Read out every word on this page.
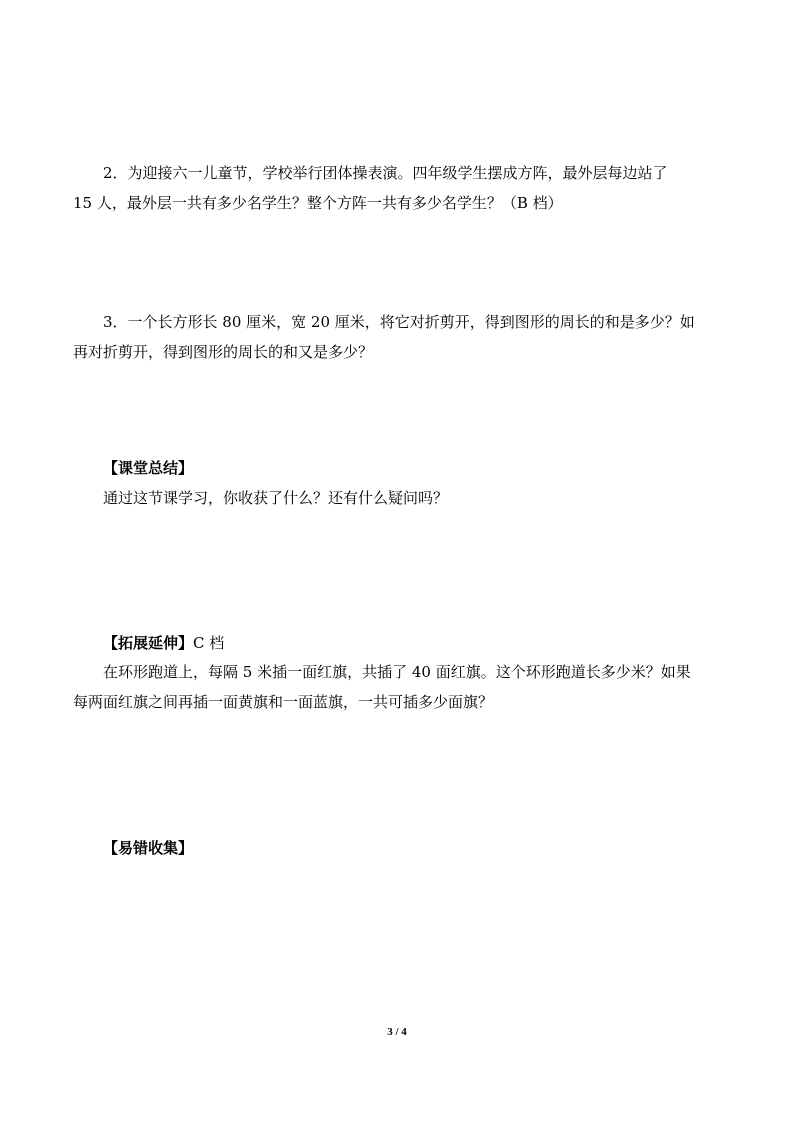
2．为迎接六一儿童节，学校举行团体操表演。四年级学生摆成方阵，最外层每边站了
15 人，最外层一共有多少名学生？整个方阵一共有多少名学生？（B 档）
3．一个长方形长 80 厘米，宽 20 厘米，将它对折剪开，得到图形的周长的和是多少？如
再对折剪开，得到图形的周长的和又是多少？
【课堂总结】
通过这节课学习，你收获了什么？还有什么疑问吗？
【拓展延伸】C 档
在环形跑道上，每隔 5 米插一面红旗，共插了 40 面红旗。这个环形跑道长多少米？如果
每两面红旗之间再插一面黄旗和一面蓝旗，一共可插多少面旗？
【易错收集】
3 / 4
